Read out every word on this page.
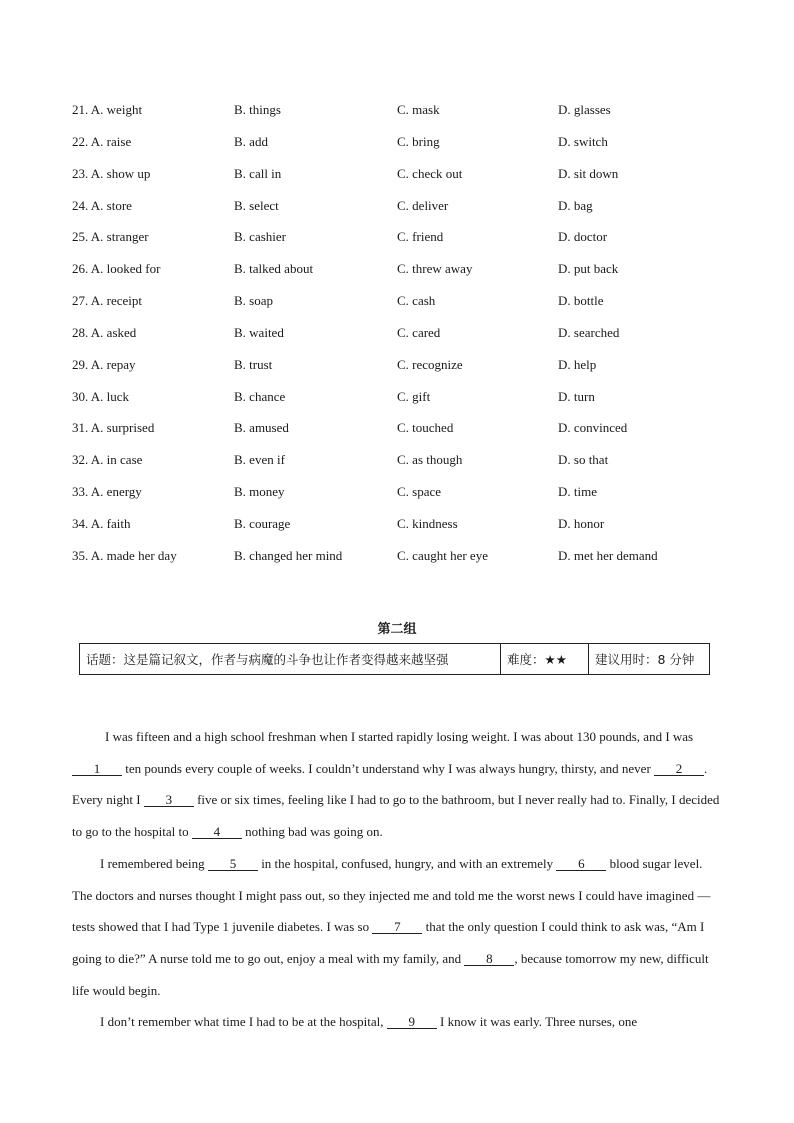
21. A. weight	B. things	C. mask	D. glasses
22. A. raise	B. add	C. bring	D. switch
23. A. show up	B. call in	C. check out	D. sit down
24. A. store	B. select	C. deliver	D. bag
25. A. stranger	B. cashier	C. friend	D. doctor
26. A. looked for	B. talked about	C. threw away	D. put back
27. A. receipt	B. soap	C. cash	D. bottle
28. A. asked	B. waited	C. cared	D. searched
29. A. repay	B. trust	C. recognize	D. help
30. A. luck	B. chance	C. gift	D. turn
31. A. surprised	B. amused	C. touched	D. convinced
32. A. in case	B. even if	C. as though	D. so that
33. A. energy	B. money	C. space	D. time
34. A. faith	B. courage	C. kindness	D. honor
35. A. made her day	B. changed her mind	C. caught her eye	D. met her demand
第二组
话题：这是篇记叙文，作者与病魔的斗争也让作者变得越来越坚强	难度：★★	建议用时：8 分钟

I was fifteen and a high school freshman when I started rapidly losing weight. I was about 130 pounds, and I was 1 ten pounds every couple of weeks. I couldn’t understand why I was always hungry, thirsty, and never 2 . Every night I 3 five or six times, feeling like I had to go to the bathroom, but I never really had to. Finally, I decided to go to the hospital to 4 nothing bad was going on.

I remembered being 5 in the hospital, confused, hungry, and with an extremely 6 blood sugar level. The doctors and nurses thought I might pass out, so they injected me and told me the worst news I could have imagined — tests showed that I had Type 1 juvenile diabetes. I was so 7 that the only question I could think to ask was, “Am I going to die?” A nurse told me to go out, enjoy a meal with my family, and 8 , because tomorrow my new, difficult life would begin.

I don’t remember what time I had to be at the hospital, 9 I know it was early. Three nurses, one
